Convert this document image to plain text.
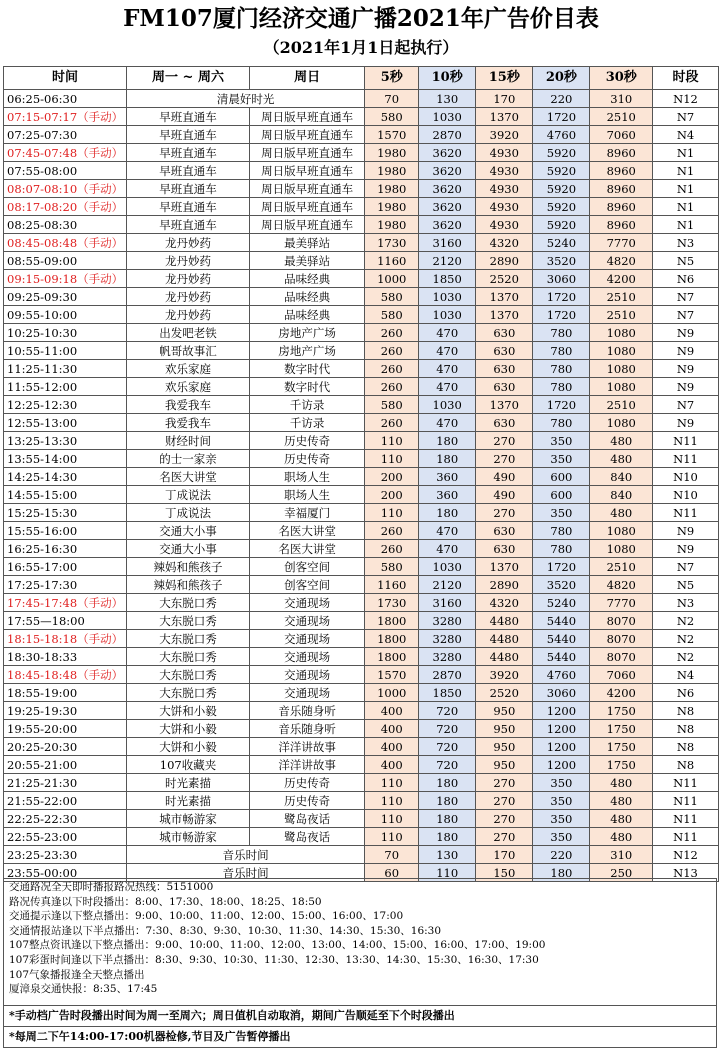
FM107厦门经济交通广播2021年广告价目表
（2021年1月1日起执行）
时间	周一 ~ 周六	周日	5秒	10秒	15秒	20秒	30秒	时段
06:25-06:30	清晨好时光		70	130	170	220	310	N12
07:15-07:17（手动）	早班直通车	周日版早班直通车	580	1030	1370	1720	2510	N7
07:25-07:30	早班直通车	周日版早班直通车	1570	2870	3920	4760	7060	N4
07:45-07:48（手动）	早班直通车	周日版早班直通车	1980	3620	4930	5920	8960	N1
07:55-08:00	早班直通车	周日版早班直通车	1980	3620	4930	5920	8960	N1
08:07-08:10（手动）	早班直通车	周日版早班直通车	1980	3620	4930	5920	8960	N1
08:17-08:20（手动）	早班直通车	周日版早班直通车	1980	3620	4930	5920	8960	N1
08:25-08:30	早班直通车	周日版早班直通车	1980	3620	4930	5920	8960	N1
08:45-08:48（手动）	龙丹妙药	最美驿站	1730	3160	4320	5240	7770	N3
08:55-09:00	龙丹妙药	最美驿站	1160	2120	2890	3520	4820	N5
09:15-09:18（手动）	龙丹妙药	品味经典	1000	1850	2520	3060	4200	N6
09:25-09:30	龙丹妙药	品味经典	580	1030	1370	1720	2510	N7
09:55-10:00	龙丹妙药	品味经典	580	1030	1370	1720	2510	N7
10:25-10:30	出发吧老铁	房地产广场	260	470	630	780	1080	N9
10:55-11:00	帆哥故事汇	房地产广场	260	470	630	780	1080	N9
11:25-11:30	欢乐家庭	数字时代	260	470	630	780	1080	N9
11:55-12:00	欢乐家庭	数字时代	260	470	630	780	1080	N9
12:25-12:30	我爱我车	千访录	580	1030	1370	1720	2510	N7
12:55-13:00	我爱我车	千访录	260	470	630	780	1080	N9
13:25-13:30	财经时间	历史传奇	110	180	270	350	480	N11
13:55-14:00	的士一家亲	历史传奇	110	180	270	350	480	N11
14:25-14:30	名医大讲堂	职场人生	200	360	490	600	840	N10
14:55-15:00	丁成说法	职场人生	200	360	490	600	840	N10
15:25-15:30	丁成说法	幸福厦门	110	180	270	350	480	N11
15:55-16:00	交通大小事	名医大讲堂	260	470	630	780	1080	N9
16:25-16:30	交通大小事	名医大讲堂	260	470	630	780	1080	N9
16:55-17:00	辣妈和熊孩子	创客空间	580	1030	1370	1720	2510	N7
17:25-17:30	辣妈和熊孩子	创客空间	1160	2120	2890	3520	4820	N5
17:45-17:48（手动）	大东脱口秀	交通现场	1730	3160	4320	5240	7770	N3
17:55—18:00	大东脱口秀	交通现场	1800	3280	4480	5440	8070	N2
18:15-18:18（手动）	大东脱口秀	交通现场	1800	3280	4480	5440	8070	N2
18:30-18:33	大东脱口秀	交通现场	1800	3280	4480	5440	8070	N2
18:45-18:48（手动）	大东脱口秀	交通现场	1570	2870	3920	4760	7060	N4
18:55-19:00	大东脱口秀	交通现场	1000	1850	2520	3060	4200	N6
19:25-19:30	大饼和小毅	音乐随身听	400	720	950	1200	1750	N8
19:55-20:00	大饼和小毅	音乐随身听	400	720	950	1200	1750	N8
20:25-20:30	大饼和小毅	洋洋讲故事	400	720	950	1200	1750	N8
20:55-21:00	107收藏夹	洋洋讲故事	400	720	950	1200	1750	N8
21:25-21:30	时光素描	历史传奇	110	180	270	350	480	N11
21:55-22:00	时光素描	历史传奇	110	180	270	350	480	N11
22:25-22:30	城市畅游家	鹭岛夜话	110	180	270	350	480	N11
22:55-23:00	城市畅游家	鹭岛夜话	110	180	270	350	480	N11
23:25-23:30	音乐时间		70	130	170	220	310	N12
23:55-00:00	音乐时间		60	110	150	180	250	N13
交通路况全天即时播报路况热线：5151000
路况传真逢以下时段播出：8:00、17:30、18:00、18:25、18:50
交通提示逢以下整点播出：9:00、10:00、11:00、12:00、15:00、16:00、17:00
交通情报站逢以下半点播出：7:30、8:30、9:30、10:30、11:30、14:30、15:30、16:30
107整点资讯逢以下整点播出：9:00、10:00、11:00、12:00、13:00、14:00、15:00、16:00、17:00、19:00
107彩蛋时间逢以下半点播出：8:30、9:30、10:30、11:30、12:30、13:30、14:30、15:30、16:30、17:30
107气象播报逢全天整点播出
厦漳泉交通快报：8:35、17:45
*手动档广告时段播出时间为周一至周六；周日值机自动取消，期间广告顺延至下个时段播出
*每周二下午14:00-17:00机器检修,节目及广告暂停播出
